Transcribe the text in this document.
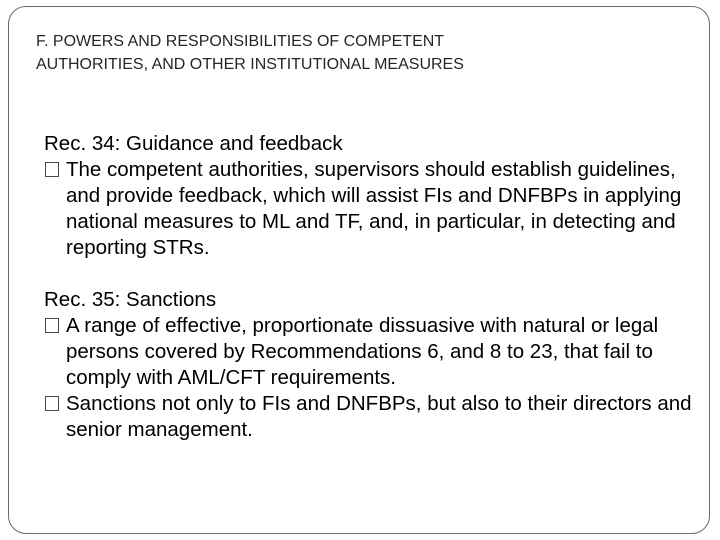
F. POWERS AND RESPONSIBILITIES OF COMPETENT
AUTHORITIES, AND OTHER INSTITUTIONAL MEASURES

Rec. 34: Guidance and feedback

The competent authorities, supervisors should establish guidelines, and provide feedback, which will assist FIs and DNFBPs in applying national measures to ML and TF, and, in particular, in detecting and reporting STRs.

Rec. 35: Sanctions

A range of effective, proportionate dissuasive with natural or legal persons covered by Recommendations 6, and 8 to 23, that fail to comply with AML/CFT requirements.
Sanctions not only to FIs and DNFBPs, but also to their directors and senior management.
